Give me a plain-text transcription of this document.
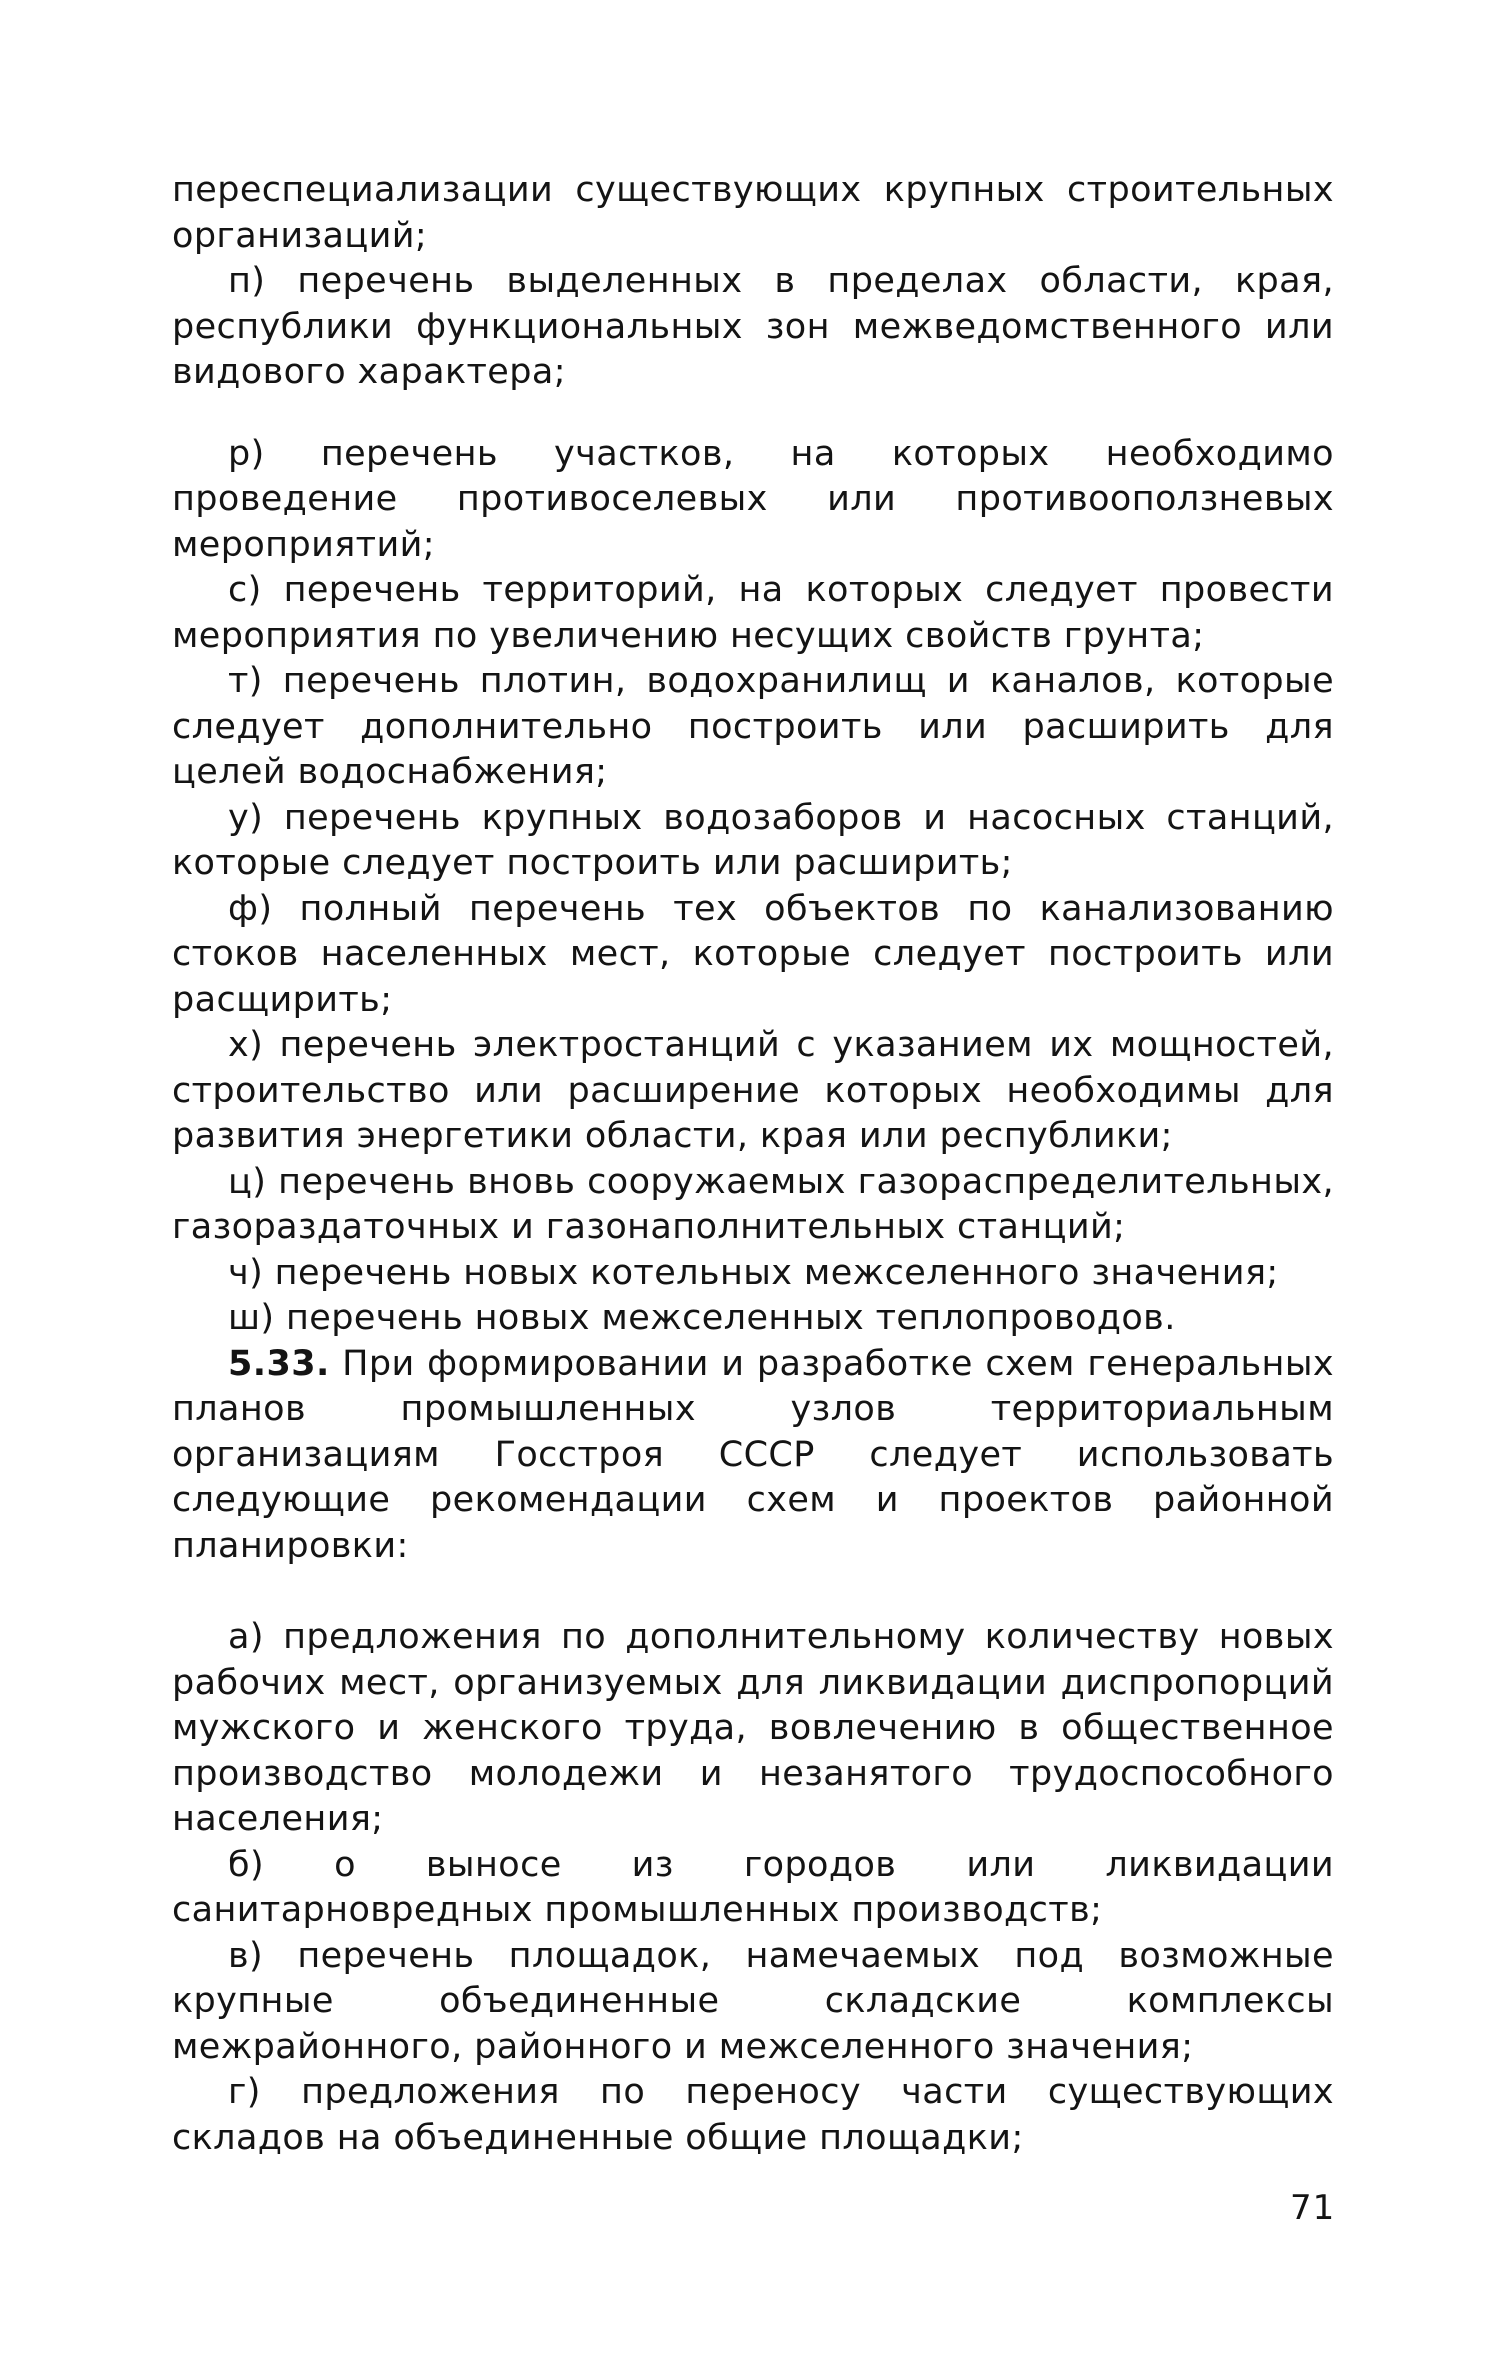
переспециализации существующих крупных строительных организаций;

п) перечень выделенных в пределах области, края, республики функциональных зон межведомственного или видового характера;

р) перечень участков, на которых необходимо проведение противоселевых или противооползневых мероприятий;

с) перечень территорий, на которых следует провести мероприятия по увеличению несущих свойств грунта;

т) перечень плотин, водохранилищ и каналов, которые следует дополнительно построить или расширить для целей водоснабжения;

у) перечень крупных водозаборов и насосных станций, которые следует построить или расширить;

ф) полный перечень тех объектов по канализованию стоков населенных мест, которые следует построить или расщирить;

х) перечень электростанций с указанием их мощностей, строительство или расширение которых необходимы для развития энергетики области, края или республики;

ц) перечень вновь сооружаемых газораспределительных, газораздаточных и газонаполнительных станций;

ч) перечень новых котельных межселенного значения;

ш) перечень новых межселенных теплопроводов.

5.33. При формировании и разработке схем генеральных планов промышленных узлов территориальным организациям Госстроя СССР следует использовать следующие рекомендации схем и проектов районной планировки:

а) предложения по дополнительному количеству новых рабочих мест, организуемых для ликвидации диспропорций мужского и женского труда, вовлечению в общественное производство молодежи и незанятого трудоспособного населения;

б) о выносе из городов или ликвидации санитарновредных промышленных производств;

в) перечень площадок, намечаемых под возможные крупные объединенные складские комплексы межрайонного, районного и межселенного значения;

г) предложения по переносу части существующих складов на объединенные общие площадки;

71
